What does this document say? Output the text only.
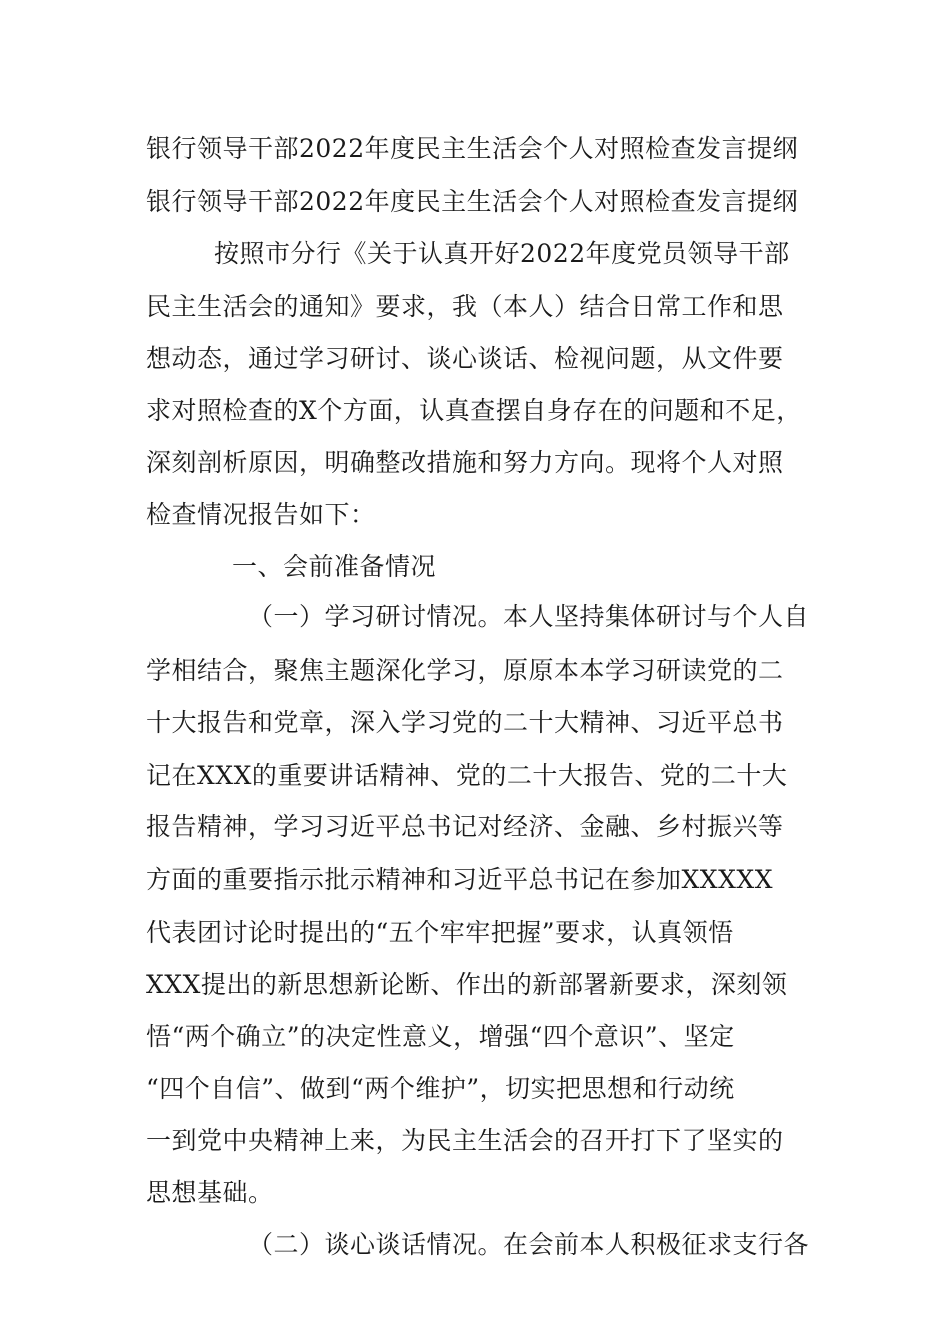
银行领导干部2022年度民主生活会个人对照检查发言提纲
银行领导干部2022年度民主生活会个人对照检查发言提纲
按照市分行《关于认真开好2022年度党员领导干部
民主生活会的通知》要求，我（本人）结合日常工作和思
想动态，通过学习研讨、谈心谈话、检视问题，从文件要
求对照检查的X个方面，认真查摆自身存在的问题和不足，
深刻剖析原因，明确整改措施和努力方向。现将个人对照
检查情况报告如下：
一、会前准备情况
（一）学习研讨情况。本人坚持集体研讨与个人自
学相结合，聚焦主题深化学习，原原本本学习研读党的二
十大报告和党章，深入学习党的二十大精神、习近平总书
记在XXX的重要讲话精神、党的二十大报告、党的二十大
报告精神，学习习近平总书记对经济、金融、乡村振兴等
方面的重要指示批示精神和习近平总书记在参加XXXXX
代表团讨论时提出的“五个牢牢把握”要求，认真领悟
XXX提出的新思想新论断、作出的新部署新要求，深刻领
悟“两个确立”的决定性意义，增强“四个意识”、坚定
“四个自信”、做到“两个维护”，切实把思想和行动统
一到党中央精神上来，为民主生活会的召开打下了坚实的
思想基础。
（二）谈心谈话情况。在会前本人积极征求支行各
